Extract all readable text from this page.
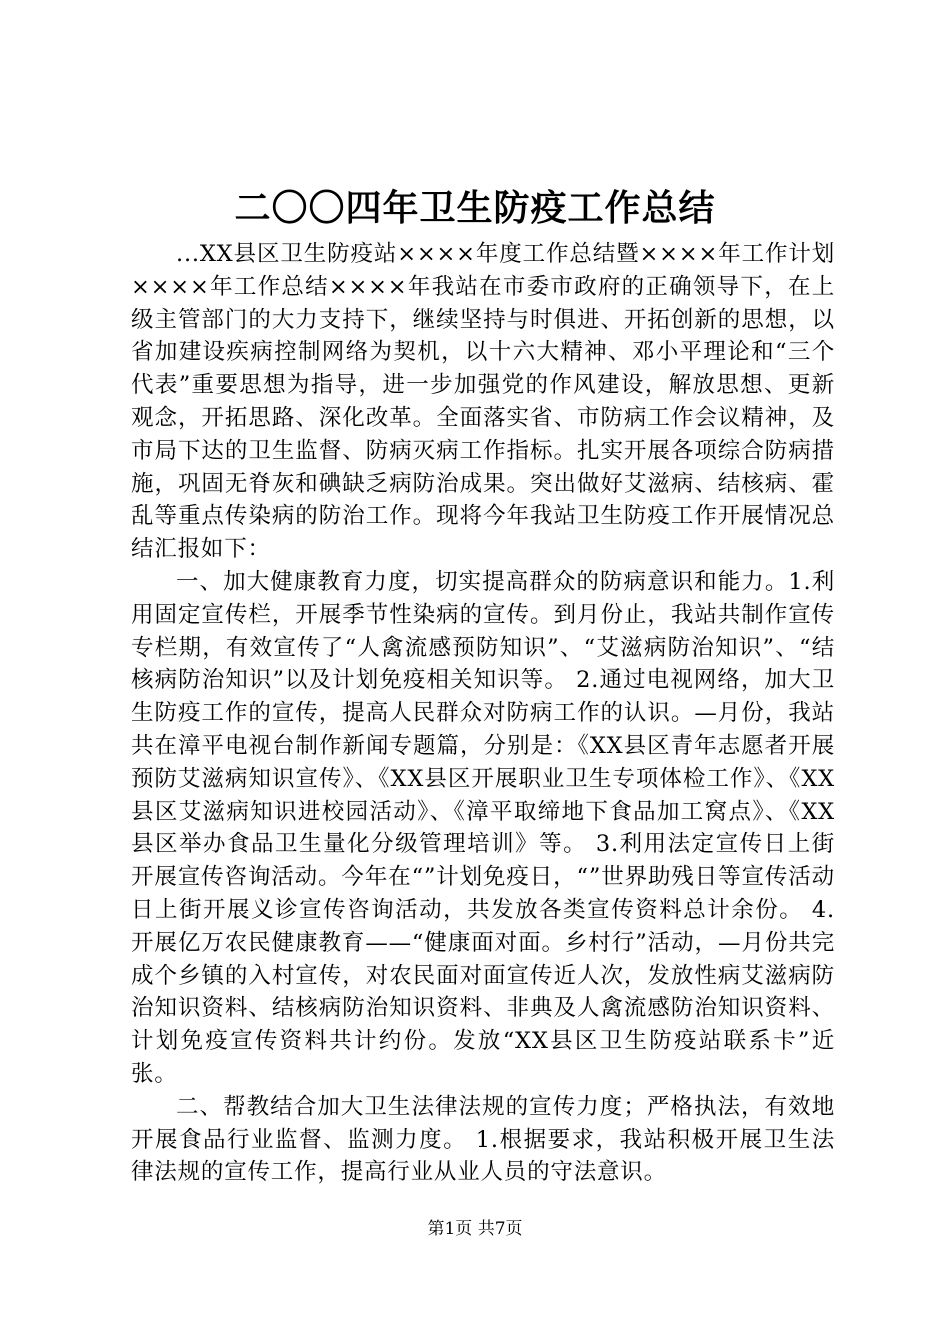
二〇〇四年卫生防疫工作总结

...XX县区卫生防疫站××××年度工作总结暨××××年工作计划××××年工作总结××××年我站在市委市政府的正确领导下，在上级主管部门的大力支持下，继续坚持与时俱进、开拓创新的思想，以省加建设疾病控制网络为契机，以十六大精神、邓小平理论和“三个代表”重要思想为指导，进一步加强党的作风建设，解放思想、更新观念，开拓思路、深化改革。全面落实省、市防病工作会议精神，及市局下达的卫生监督、防病灭病工作指标。扎实开展各项综合防病措施，巩固无脊灰和碘缺乏病防治成果。突出做好艾滋病、结核病、霍乱等重点传染病的防治工作。现将今年我站卫生防疫工作开展情况总结汇报如下：

一、加大健康教育力度，切实提高群众的防病意识和能力。1.利用固定宣传栏，开展季节性染病的宣传。到月份止，我站共制作宣传专栏期，有效宣传了“人禽流感预防知识”、“艾滋病防治知识”、“结核病防治知识”以及计划免疫相关知识等。 2.通过电视网络，加大卫生防疫工作的宣传，提高人民群众对防病工作的认识。—月份，我站共在漳平电视台制作新闻专题篇，分别是：《XX县区青年志愿者开展预防艾滋病知识宣传》、《XX县区开展职业卫生专项体检工作》、《XX县区艾滋病知识进校园活动》、《漳平取缔地下食品加工窝点》、《XX县区举办食品卫生量化分级管理培训》等。 3.利用法定宣传日上街开展宣传咨询活动。今年在“”计划免疫日，“”世界助残日等宣传活动日上街开展义诊宣传咨询活动，共发放各类宣传资料总计余份。 4.开展亿万农民健康教育——“健康面对面。乡村行”活动，—月份共完成个乡镇的入村宣传，对农民面对面宣传近人次，发放性病艾滋病防治知识资料、结核病防治知识资料、非典及人禽流感防治知识资料、计划免疫宣传资料共计约份。发放“XX县区卫生防疫站联系卡”近张。

二、帮教结合加大卫生法律法规的宣传力度；严格执法，有效地开展食品行业监督、监测力度。 1.根据要求，我站积极开展卫生法律法规的宣传工作，提高行业从业人员的守法意识。

第1页 共7页
